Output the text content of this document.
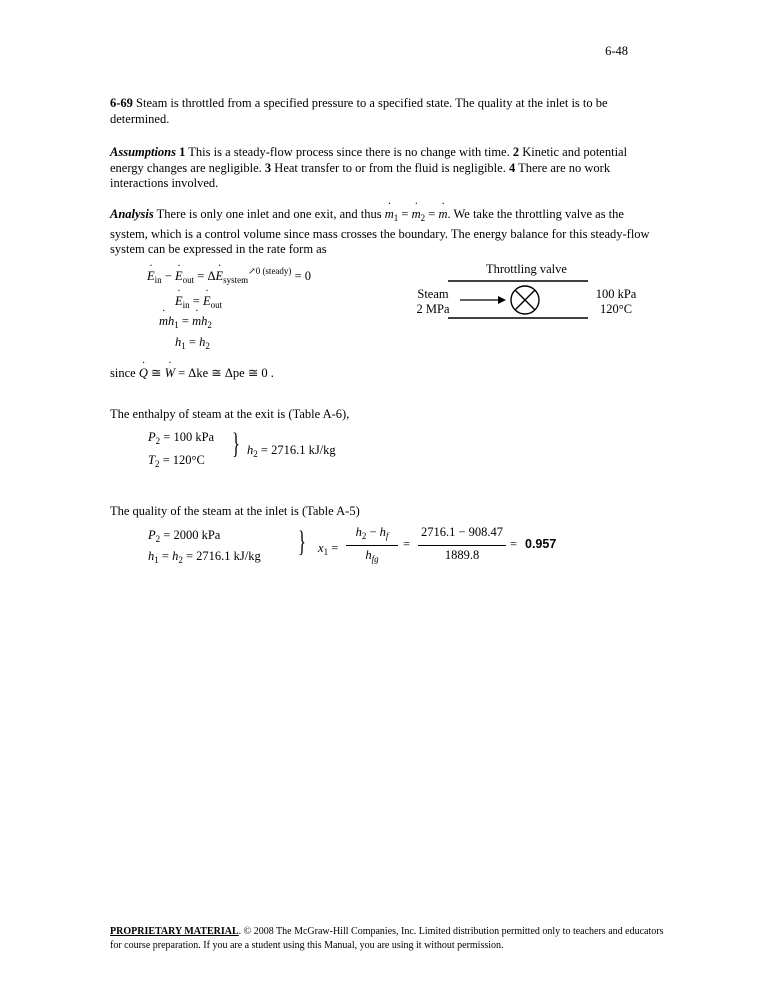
6-48
6-69 Steam is throttled from a specified pressure to a specified state. The quality at the inlet is to be determined.
Assumptions 1 This is a steady-flow process since there is no change with time. 2 Kinetic and potential energy changes are negligible. 3 Heat transfer to or from the fluid is negligible. 4 There are no work interactions involved.
Analysis There is only one inlet and one exit, and thus ˙ $m_1$ = ˙ $m_2$ = ˙ m. We take the throttling valve as the system, which is a control volume since mass crosses the boundary. The energy balance for this steady-flow system can be expressed in the rate form as
˙ $E_{in}$ − ˙ $E_{out}$ = Δ˙ $E_{system}^{↗0 (steady)} = 0$
˙ $E_{in}$ = ˙ $E_{out}$
˙ $mh_1$ = ˙ $mh_2$
$h_1 = h_2$
Throttling valve
Steam
2 MPa
100 kPa
120°C
since ˙ Q ≅ ˙ W = Δke ≅ Δpe ≅ 0 .
The enthalpy of steam at the exit is (Table A-6),
$P_2 = 100$ kPa
$T_2 = 120^\circ C$ } $h_2 = 2716.1$ kJ/kg
The quality of the steam at the inlet is (Table A-5)
$P_2 = 2000$ kPa
$h_1 = h_2 = 2716.1$ kJ/kg } $x_1$ =
$h_2 - h_f$
$h_{fg}$
=
2716.1 − 908.47
1889.8
= 0.957
PROPRIETARY MATERIAL. © 2008 The McGraw-Hill Companies, Inc. Limited distribution permitted only to teachers and educators for course preparation. If you are a student using this Manual, you are using it without permission.
